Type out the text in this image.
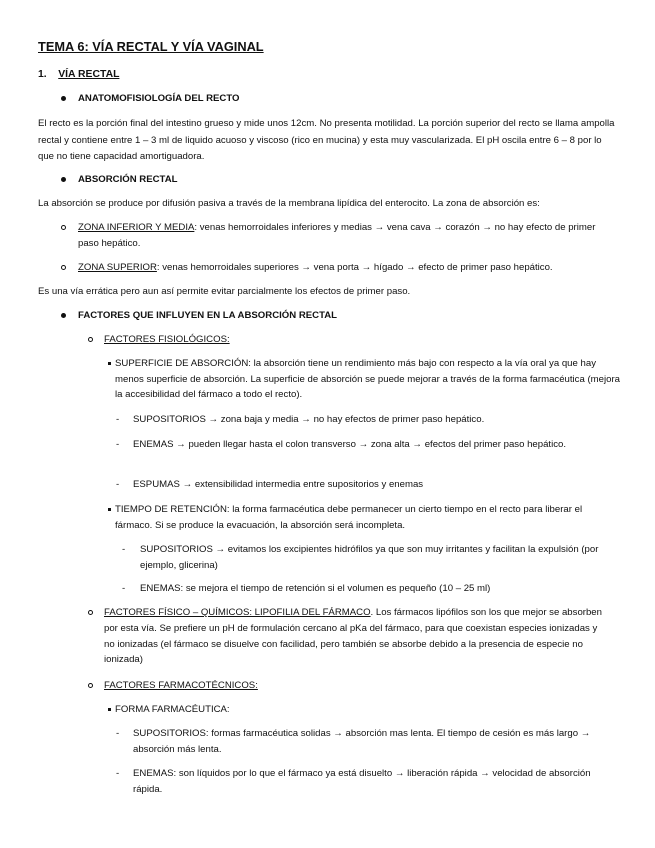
TEMA 6: VÍA RECTAL Y VÍA VAGINAL

1. VÍA RECTAL

ANATOMOFISIOLOGÍA DEL RECTO

El recto es la porción final del intestino grueso y mide unos 12cm. No presenta motilidad. La porción superior del recto se llama ampolla rectal y contiene entre 1 – 3 ml de liquido acuoso y viscoso (rico en mucina) y esta muy vascularizada. El pH oscila entre 6 – 8 por lo que no tiene capacidad amortiguadora.

ABSORCIÓN RECTAL

La absorción se produce por difusión pasiva a través de la membrana lipídica del enterocito. La zona de absorción es:

ZONA INFERIOR Y MEDIA: venas hemorroidales inferiores y medias → vena cava → corazón → no hay efecto de primer paso hepático.

ZONA SUPERIOR: venas hemorroidales superiores → vena porta → hígado → efecto de primer paso hepático.

Es una vía errática pero aun así permite evitar parcialmente los efectos de primer paso.

FACTORES QUE INFLUYEN EN LA ABSORCIÓN RECTAL

FACTORES FISIOLÓGICOS:

SUPERFICIE DE ABSORCIÓN: la absorción tiene un rendimiento más bajo con respecto a la vía oral ya que hay menos superficie de absorción. La superficie de absorción se puede mejorar a través de la forma farmacéutica (mejora la accesibilidad del fármaco a todo el recto).

- SUPOSITORIOS → zona baja y media → no hay efectos de primer paso hepático.

- ENEMAS → pueden llegar hasta el colon transverso → zona alta → efectos del primer paso hepático.

- ESPUMAS → extensibilidad intermedia entre supositorios y enemas

TIEMPO DE RETENCIÓN: la forma farmacéutica debe permanecer un cierto tiempo en el recto para liberar el fármaco. Si se produce la evacuación, la absorción será incompleta.

- SUPOSITORIOS → evitamos los excipientes hidrófilos ya que son muy irritantes y facilitan la expulsión (por ejemplo, glicerina)

- ENEMAS: se mejora el tiempo de retención si el volumen es pequeño (10 – 25 ml)

FACTORES FÍSICO – QUÍMICOS: LIPOFILIA DEL FÁRMACO. Los fármacos lipófilos son los que mejor se absorben por esta vía. Se prefiere un pH de formulación cercano al pKa del fármaco, para que coexistan especies ionizadas y no ionizadas (el fármaco se disuelve con facilidad, pero también se absorbe debido a la presencia de especie no ionizada)

FACTORES FARMACOTÉCNICOS:

FORMA FARMACÉUTICA:

- SUPOSITORIOS: formas farmacéutica solidas → absorción mas lenta. El tiempo de cesión es más largo → absorción más lenta.

- ENEMAS: son líquidos por lo que el fármaco ya está disuelto → liberación rápida → velocidad de absorción rápida.
